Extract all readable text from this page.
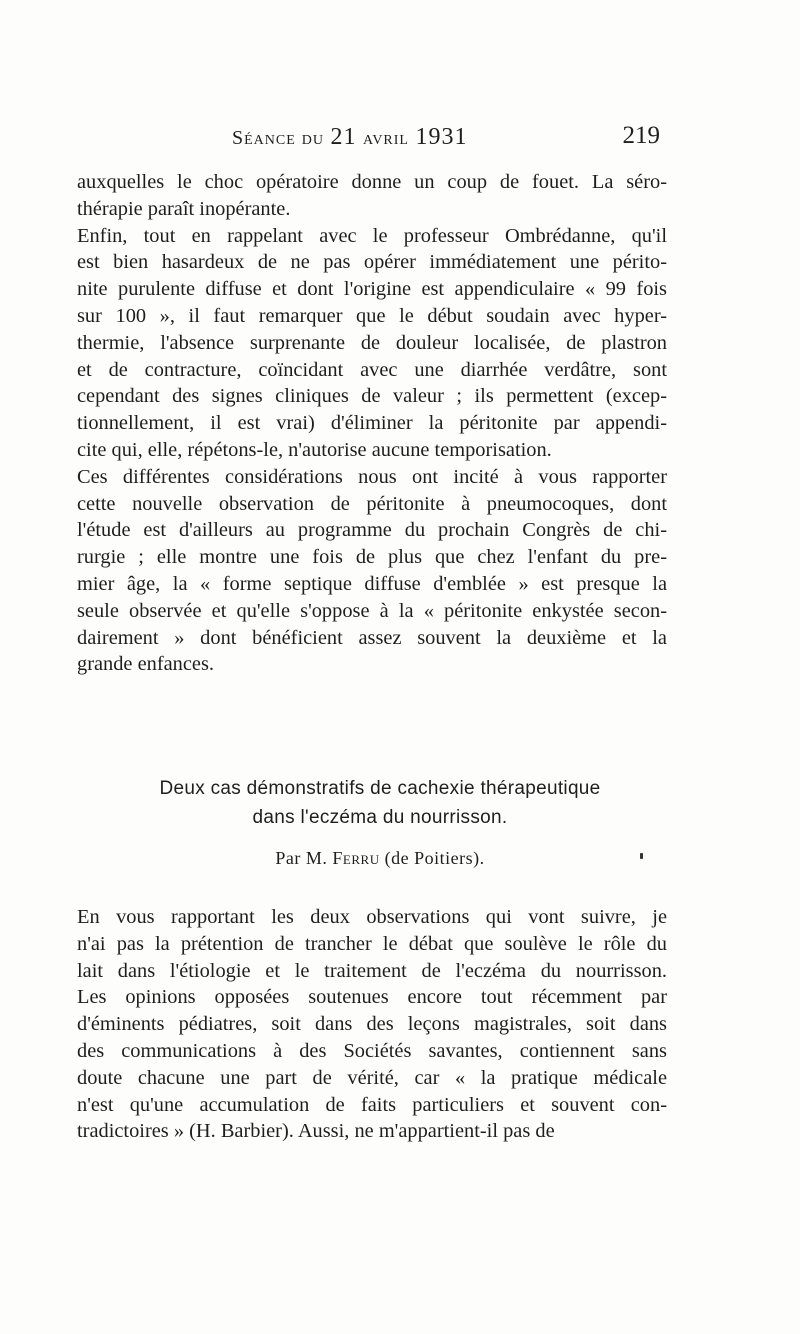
Séance du 21 avril 1931	219

auxquelles le choc opératoire donne un coup de fouet. La séro-
thérapie paraît inopérante.

Enfin, tout en rappelant avec le professeur Ombrédanne, qu'il
est bien hasardeux de ne pas opérer immédiatement une périto-
nite purulente diffuse et dont l'origine est appendiculaire « 99 fois
sur 100 », il faut remarquer que le début soudain avec hyper-
thermie, l'absence surprenante de douleur localisée, de plastron
et de contracture, coïncidant avec une diarrhée verdâtre, sont
cependant des signes cliniques de valeur ; ils permettent (excep-
tionnellement, il est vrai) d'éliminer la péritonite par appendi-
cite qui, elle, répétons-le, n'autorise aucune temporisation.

Ces différentes considérations nous ont incité à vous rapporter
cette nouvelle observation de péritonite à pneumocoques, dont
l'étude est d'ailleurs au programme du prochain Congrès de chi-
rurgie ; elle montre une fois de plus que chez l'enfant du pre-
mier âge, la « forme septique diffuse d'emblée » est presque la
seule observée et qu'elle s'oppose à la « péritonite enkystée secon-
dairement » dont bénéficient assez souvent la deuxième et la
grande enfances.

Deux cas démonstratifs de cachexie thérapeutique
dans l'eczéma du nourrisson.
Par M. Ferru (de Poitiers).

En vous rapportant les deux observations qui vont suivre, je
n'ai pas la prétention de trancher le débat que soulève le rôle du
lait dans l'étiologie et le traitement de l'eczéma du nourrisson.
Les opinions opposées soutenues encore tout récemment par
d'éminents pédiatres, soit dans des leçons magistrales, soit dans
des communications à des Sociétés savantes, contiennent sans
doute chacune une part de vérité, car « la pratique médicale
n'est qu'une accumulation de faits particuliers et souvent con-
tradictoires » (H. Barbier). Aussi, ne m'appartient-il pas de
